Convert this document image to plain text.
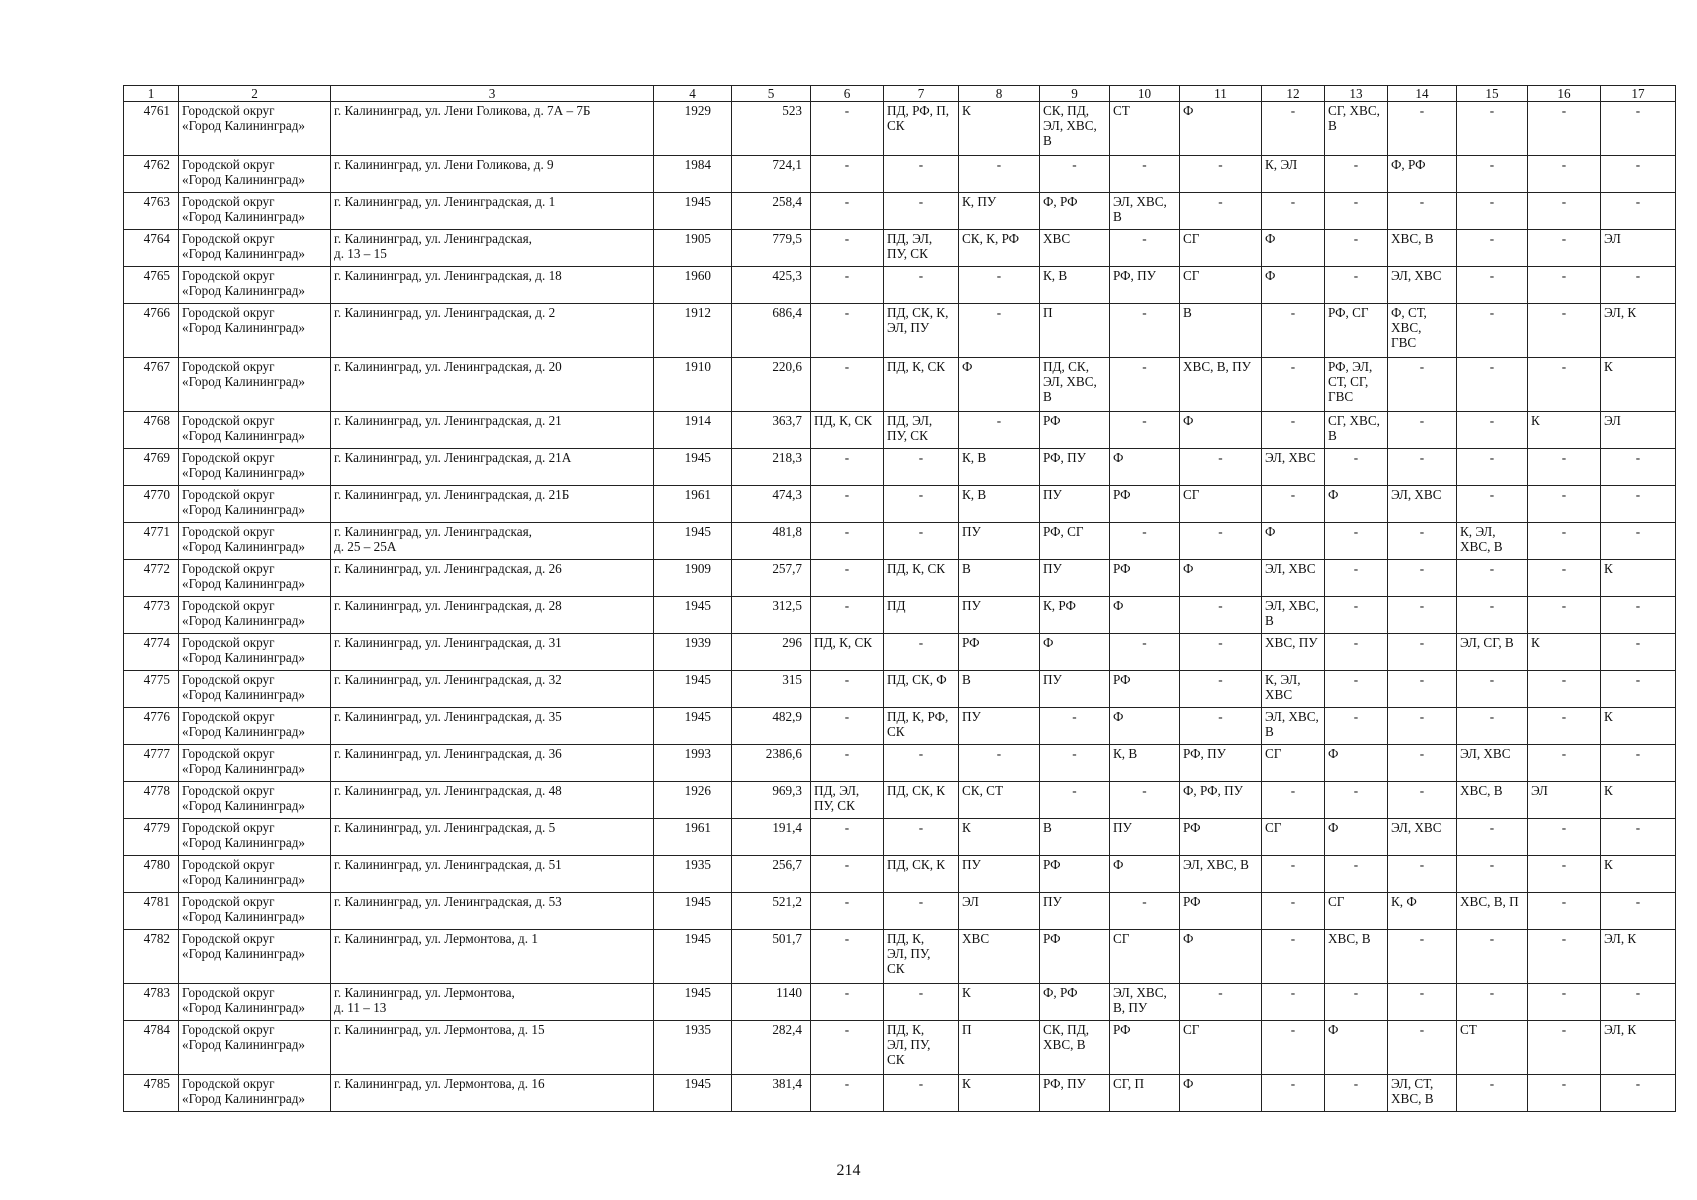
1	2	3	4	5	6	7	8	9	10	11	12	13	14	15	16	17
4761	Городской округ
«Город Калининград»	г. Калининград, ул. Лени Голикова, д. 7А – 7Б	1929	523	-	ПД, РФ, П,
СК	К	СК, ПД,
ЭЛ, ХВС,
В	СТ	Ф	-	СГ, ХВС,
В	-	-	-	-
4762	Городской округ
«Город Калининград»	г. Калининград, ул. Лени Голикова, д. 9	1984	724,1	-	-	-	-	-	-	К, ЭЛ	-	Ф, РФ	-	-	-
4763	Городской округ
«Город Калининград»	г. Калининград, ул. Ленинградская, д. 1	1945	258,4	-	-	К, ПУ	Ф, РФ	ЭЛ, ХВС,
В	-	-	-	-	-	-	-
4764	Городской округ
«Город Калининград»	г. Калининград, ул. Ленинградская,
д. 13 – 15	1905	779,5	-	ПД, ЭЛ,
ПУ, СК	СК, К, РФ	ХВС	-	СГ	Ф	-	ХВС, В	-	-	ЭЛ
4765	Городской округ
«Город Калининград»	г. Калининград, ул. Ленинградская, д. 18	1960	425,3	-	-	-	К, В	РФ, ПУ	СГ	Ф	-	ЭЛ, ХВС	-	-	-
4766	Городской округ
«Город Калининград»	г. Калининград, ул. Ленинградская, д. 2	1912	686,4	-	ПД, СК, К,
ЭЛ, ПУ	-	П	-	В	-	РФ, СГ	Ф, СТ,
ХВС,
ГВС	-	-	ЭЛ, К
4767	Городской округ
«Город Калининград»	г. Калининград, ул. Ленинградская, д. 20	1910	220,6	-	ПД, К, СК	Ф	ПД, СК,
ЭЛ, ХВС,
В	-	ХВС, В, ПУ	-	РФ, ЭЛ,
СТ, СГ,
ГВС	-	-	-	К
4768	Городской округ
«Город Калининград»	г. Калининград, ул. Ленинградская, д. 21	1914	363,7	ПД, К, СК	ПД, ЭЛ,
ПУ, СК	-	РФ	-	Ф	-	СГ, ХВС,
В	-	-	К	ЭЛ
4769	Городской округ
«Город Калининград»	г. Калининград, ул. Ленинградская, д. 21А	1945	218,3	-	-	К, В	РФ, ПУ	Ф	-	ЭЛ, ХВС	-	-	-	-	-
4770	Городской округ
«Город Калининград»	г. Калининград, ул. Ленинградская, д. 21Б	1961	474,3	-	-	К, В	ПУ	РФ	СГ	-	Ф	ЭЛ, ХВС	-	-	-
4771	Городской округ
«Город Калининград»	г. Калининград, ул. Ленинградская,
д. 25 – 25А	1945	481,8	-	-	ПУ	РФ, СГ	-	-	Ф	-	-	К, ЭЛ,
ХВС, В	-	-
4772	Городской округ
«Город Калининград»	г. Калининград, ул. Ленинградская, д. 26	1909	257,7	-	ПД, К, СК	В	ПУ	РФ	Ф	ЭЛ, ХВС	-	-	-	-	К
4773	Городской округ
«Город Калининград»	г. Калининград, ул. Ленинградская, д. 28	1945	312,5	-	ПД	ПУ	К, РФ	Ф	-	ЭЛ, ХВС,
В	-	-	-	-	-
4774	Городской округ
«Город Калининград»	г. Калининград, ул. Ленинградская, д. 31	1939	296	ПД, К, СК	-	РФ	Ф	-	-	ХВС, ПУ	-	-	ЭЛ, СГ, В	К	-
4775	Городской округ
«Город Калининград»	г. Калининград, ул. Ленинградская, д. 32	1945	315	-	ПД, СК, Ф	В	ПУ	РФ	-	К, ЭЛ,
ХВС	-	-	-	-	-
4776	Городской округ
«Город Калининград»	г. Калининград, ул. Ленинградская, д. 35	1945	482,9	-	ПД, К, РФ,
СК	ПУ	-	Ф	-	ЭЛ, ХВС,
В	-	-	-	-	К
4777	Городской округ
«Город Калининград»	г. Калининград, ул. Ленинградская, д. 36	1993	2386,6	-	-	-	-	К, В	РФ, ПУ	СГ	Ф	-	ЭЛ, ХВС	-	-
4778	Городской округ
«Город Калининград»	г. Калининград, ул. Ленинградская, д. 48	1926	969,3	ПД, ЭЛ,
ПУ, СК	ПД, СК, К	СК, СТ	-	-	Ф, РФ, ПУ	-	-	-	ХВС, В	ЭЛ	К
4779	Городской округ
«Город Калининград»	г. Калининград, ул. Ленинградская, д. 5	1961	191,4	-	-	К	В	ПУ	РФ	СГ	Ф	ЭЛ, ХВС	-	-	-
4780	Городской округ
«Город Калининград»	г. Калининград, ул. Ленинградская, д. 51	1935	256,7	-	ПД, СК, К	ПУ	РФ	Ф	ЭЛ, ХВС, В	-	-	-	-	-	К
4781	Городской округ
«Город Калининград»	г. Калининград, ул. Ленинградская, д. 53	1945	521,2	-	-	ЭЛ	ПУ	-	РФ	-	СГ	К, Ф	ХВС, В, П	-	-
4782	Городской округ
«Город Калининград»	г. Калининград, ул. Лермонтова, д. 1	1945	501,7	-	ПД, К,
ЭЛ, ПУ,
СК	ХВС	РФ	СГ	Ф	-	ХВС, В	-	-	-	ЭЛ, К
4783	Городской округ
«Город Калининград»	г. Калининград, ул. Лермонтова,
д. 11 – 13	1945	1140	-	-	К	Ф, РФ	ЭЛ, ХВС,
В, ПУ	-	-	-	-	-	-	-
4784	Городской округ
«Город Калининград»	г. Калининград, ул. Лермонтова, д. 15	1935	282,4	-	ПД, К,
ЭЛ, ПУ,
СК	П	СК, ПД,
ХВС, В	РФ	СГ	-	Ф	-	СТ	-	ЭЛ, К
4785	Городской округ
«Город Калининград»	г. Калининград, ул. Лермонтова, д. 16	1945	381,4	-	-	К	РФ, ПУ	СГ, П	Ф	-	-	ЭЛ, СТ,
ХВС, В	-	-	-
214
